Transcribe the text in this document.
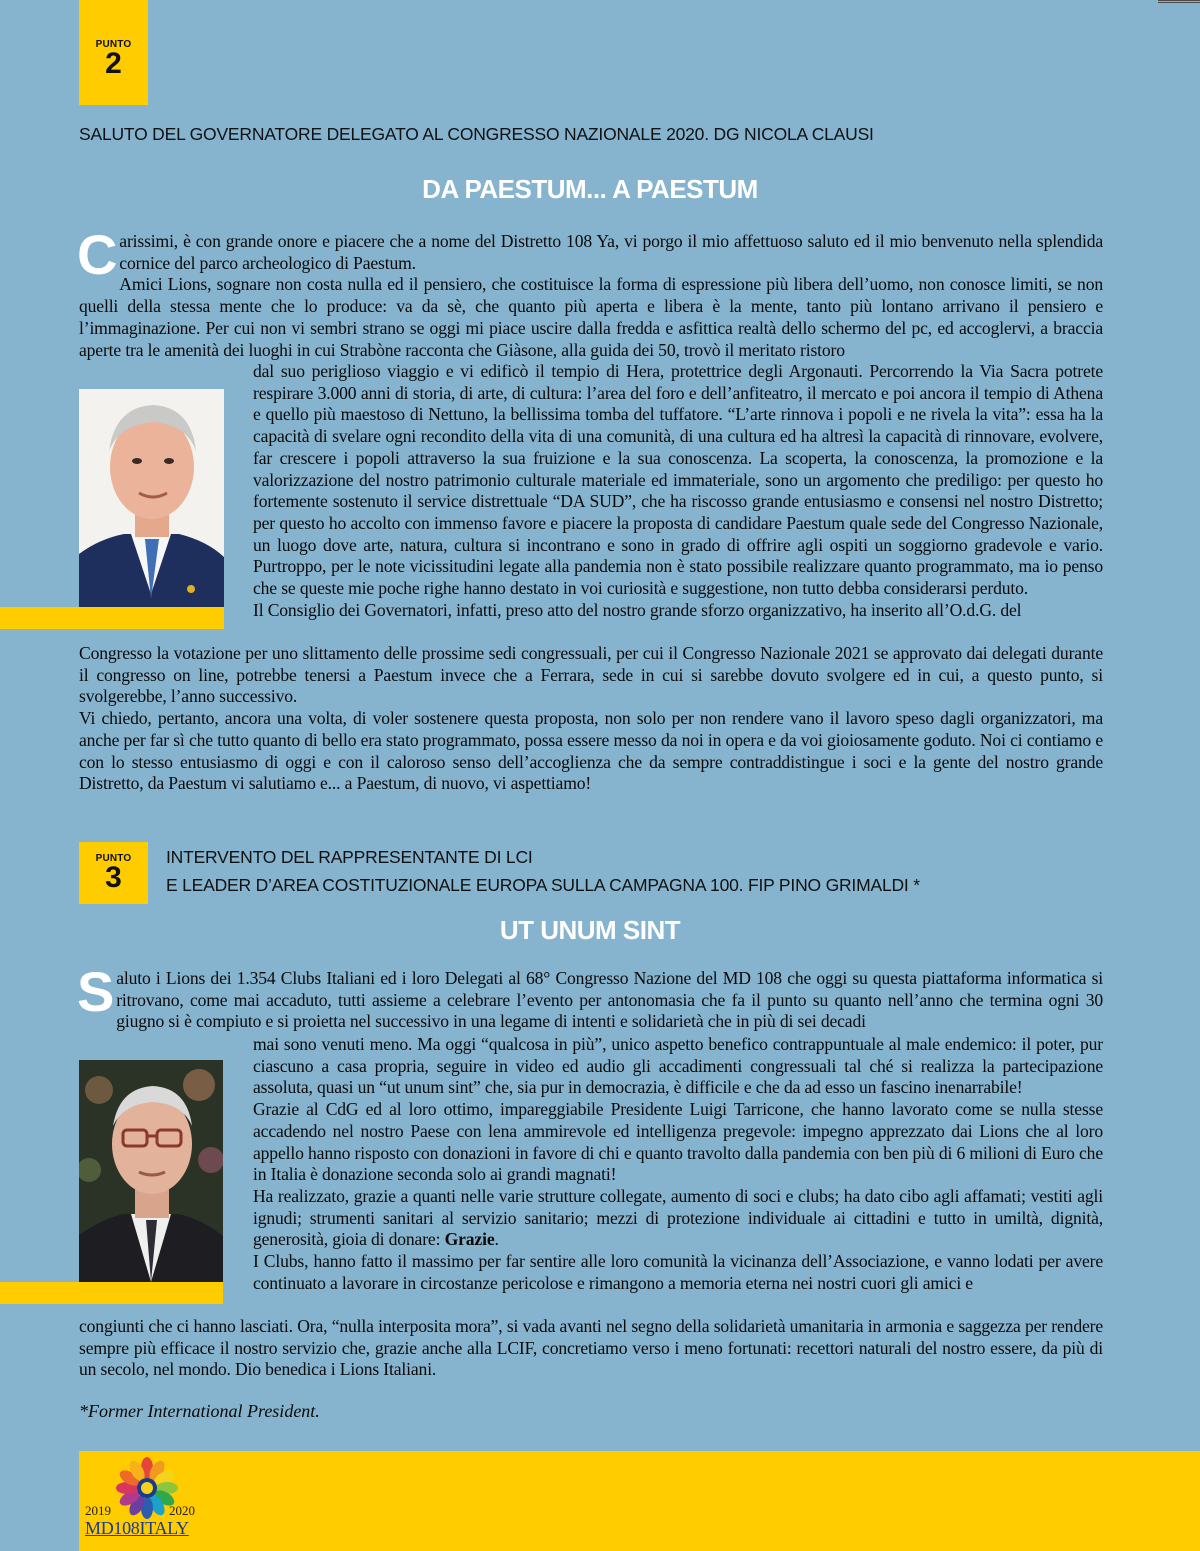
PUNTO
2
SALUTO DEL GOVERNATORE DELEGATO AL CONGRESSO NAZIONALE 2020. DG NICOLA CLAUSI
DA PAESTUM... A PAESTUM
C arissimi, è con grande onore e piacere che a nome del Distretto 108 Ya, vi porgo il mio affettuoso saluto ed il mio benvenuto nella splendida cornice del parco archeologico di Paestum.

Amici Lions, sognare non costa nulla ed il pensiero, che costituisce la forma di espressione più libera dell’uomo, non conosce limiti, se non quelli della stessa mente che lo produce: va da sè, che quanto più aperta e libera è la mente, tanto più lontano arrivano il pensiero e l’immaginazione. Per cui non vi sembri strano se oggi mi piace uscire dalla fredda e asfittica realtà dello schermo del pc, ed accoglervi, a braccia aperte tra le amenità dei luoghi in cui Strabòne racconta che Giàsone, alla guida dei 50, trovò il meritato ristoro

dal suo periglioso viaggio e vi edificò il tempio di Hera, protettrice degli Argonauti. Percorrendo la Via Sacra potrete respirare 3.000 anni di storia, di arte, di cultura: l’area del foro e dell’anfiteatro, il mercato e poi ancora il tempio di Athena e quello più maestoso di Nettuno, la bellissima tomba del tuffatore. “L’arte rinnova i popoli e ne rivela la vita”: essa ha la capacità di svelare ogni recondito della vita di una comunità, di una cultura ed ha altresì la capacità di rinnovare, evolvere, far crescere i popoli attraverso la sua fruizione e la sua conoscenza. La scoperta, la conoscenza, la promozione e la valorizzazione del nostro patrimonio culturale materiale ed immateriale, sono un argomento che prediligo: per questo ho fortemente sostenuto il service distrettuale “DA SUD”, che ha riscosso grande entusiasmo e consensi nel nostro Distretto; per questo ho accolto con immenso favore e piacere la proposta di candidare Paestum quale sede del Congresso Nazionale, un luogo dove arte, natura, cultura si incontrano e sono in grado di offrire agli ospiti un soggiorno gradevole e vario. Purtroppo, per le note vicissitudini legate alla pandemia non è stato possibile realizzare quanto programmato, ma io penso che se queste mie poche righe hanno destato in voi curiosità e suggestione, non tutto debba considerarsi perduto.

Il Consiglio dei Governatori, infatti, preso atto del nostro grande sforzo organizzativo, ha inserito all’O.d.G. del

Congresso la votazione per uno slittamento delle prossime sedi congressuali, per cui il Congresso Nazionale 2021 se approvato dai delegati durante il congresso on line, potrebbe tenersi a Paestum invece che a Ferrara, sede in cui si sarebbe dovuto svolgere ed in cui, a questo punto, si svolgerebbe, l’anno successivo.

Vi chiedo, pertanto, ancora una volta, di voler sostenere questa proposta, non solo per non rendere vano il lavoro speso dagli organizzatori, ma anche per far sì che tutto quanto di bello era stato programmato, possa essere messo da noi in opera e da voi gioiosamente goduto. Noi ci contiamo e con lo stesso entusiasmo di oggi e con il caloroso senso dell’accoglienza che da sempre contraddistingue i soci e la gente del nostro grande Distretto, da Paestum vi salutiamo e... a Paestum, di nuovo, vi aspettiamo!

PUNTO
3
INTERVENTO DEL RAPPRESENTANTE DI LCI
E LEADER D’AREA COSTITUZIONALE EUROPA SULLA CAMPAGNA 100. FIP PINO GRIMALDI *
UT UNUM SINT
S aluto i Lions dei 1.354 Clubs Italiani ed i loro Delegati al 68° Congresso Nazione del MD 108 che oggi su questa piattaforma informatica si ritrovano, come mai accaduto, tutti assieme a celebrare l’evento per antonomasia che fa il punto su quanto nell’anno che termina ogni 30 giugno si è compiuto e si proietta nel successivo in una legame di intenti e solidarietà che in più di sei decadi

mai sono venuti meno. Ma oggi “qualcosa in più”, unico aspetto benefico contrappuntuale al male endemico: il poter, pur ciascuno a casa propria, seguire in video ed audio gli accadimenti congressuali tal ché si realizza la partecipazione assoluta, quasi un “ut unum sint” che, sia pur in democrazia, è difficile e che da ad esso un fascino inenarrabile!

Grazie al CdG ed al loro ottimo, impareggiabile Presidente Luigi Tarricone, che hanno lavorato come se nulla stesse accadendo nel nostro Paese con lena ammirevole ed intelligenza pregevole: impegno apprezzato dai Lions che al loro appello hanno risposto con donazioni in favore di chi e quanto travolto dalla pandemia con ben più di 6 milioni di Euro che in Italia è donazione seconda solo ai grandi magnati!

Ha realizzato, grazie a quanti nelle varie strutture collegate, aumento di soci e clubs; ha dato cibo agli affamati; vestiti agli ignudi; strumenti sanitari al servizio sanitario; mezzi di protezione individuale ai cittadini e tutto in umiltà, dignità, generosità, gioia di donare: Grazie.

I Clubs, hanno fatto il massimo per far sentire alle loro comunità la vicinanza dell’Associazione, e vanno lodati per avere continuato a lavorare in circostanze pericolose e rimangono a memoria eterna nei nostri cuori gli amici e

congiunti che ci hanno lasciati. Ora, “nulla interposita mora”, si vada avanti nel segno della solidarietà umanitaria in armonia e saggezza per rendere sempre più efficace il nostro servizio che, grazie anche alla LCIF, concretiamo verso i meno fortunati: recettori naturali del nostro essere, da più di un secolo, nel mondo. Dio benedica i Lions Italiani.

*Former International President.
2019	2020
MD108ITALY
